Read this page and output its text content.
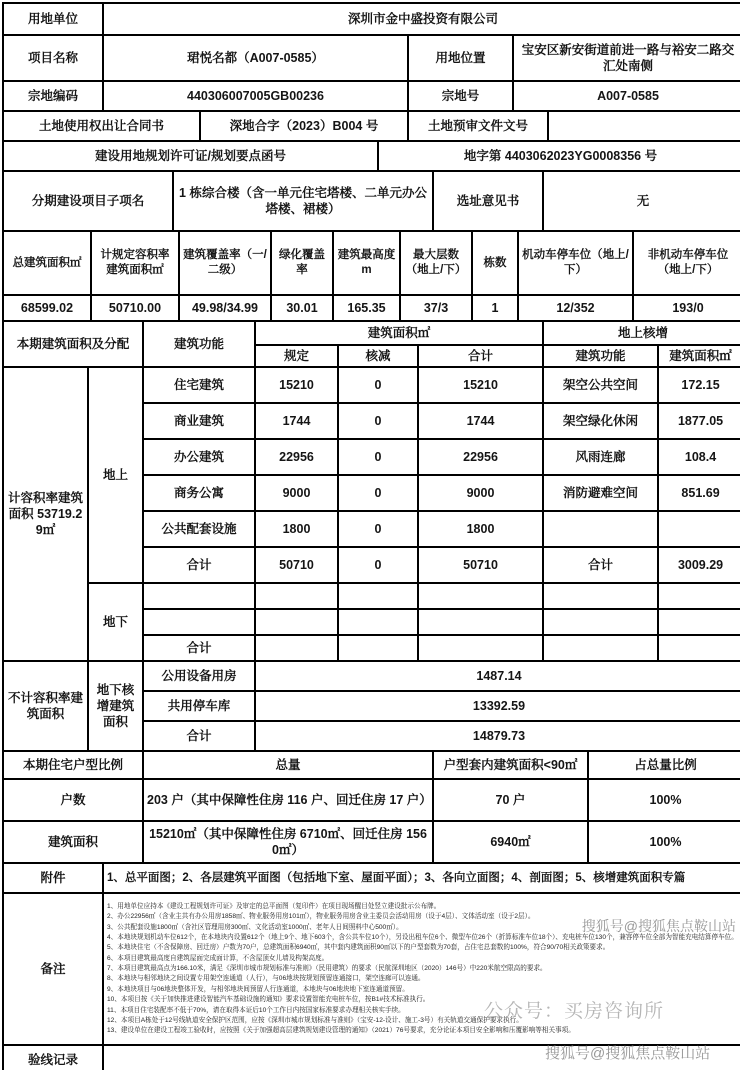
用地单位	深圳市金中盛投资有限公司
项目名称	珺悦名都（A007-0585）	用地位置	宝安区新安街道前进一路与裕安二路交汇处南侧
宗地编码	440306007005GB00236	宗地号	A007-0585
土地使用权出让合同书	深地合字（2023）B004 号	土地预审文件文号	
建设用地规划许可证/规划要点函号	地字第 4403062023YG0008356 号
分期建设项目子项名	1 栋综合楼（含一单元住宅塔楼、二单元办公塔楼、裙楼）	选址意见书	无
总建筑面积㎡	计规定容积率建筑面积㎡	建筑覆盖率（一/二级）	绿化覆盖率	建筑最高度 m	最大层数（地上/下）	栋数	机动车停车位（地上/下）	非机动车停车位（地上/下）
68599.02	50710.00	49.98/34.99	30.01	165.35	37/3	1	12/352	193/0
本期建筑面积及分配		建筑功能	建筑面积㎡			地上核增	
			规定	核减	合计	建筑功能	建筑面积㎡
计容积率建筑面积 53719.29㎡	地上	住宅建筑	15210	0	15210	架空公共空间	172.15
		商业建筑	1744	0	1744	架空绿化休闲	1877.05
		办公建筑	22956	0	22956	风雨连廊	108.4
		商务公寓	9000	0	9000	消防避难空间	851.69
		公共配套设施	1800	0	1800		
		合计	50710	0	50710	合计	3009.29
	地下						

		合计					
不计容积率建筑面积	地下核增建筑面积	公用设备用房	1487.14
		共用停车库	13392.59
		合计	14879.73
本期住宅户型比例	总量	户型套内建筑面积<90㎡	占总量比例
户数	203 户（其中保障性住房 116 户、回迁住房 17 户）	70 户	100%
建筑面积	15210㎡（其中保障性住房 6710㎡、回迁住房 1560㎡）	6940㎡	100%
附件	1、总平面图；2、各层建筑平面图（包括地下室、屋面平面）；3、各向立面图；4、剖面图；5、核增建筑面积专篇
备注	
1、用地单位应持本《建设工程规划许可证》及审定的总平面图（复印件）在项目现场醒目处竖立建设批示公布牌。
2、办公22956㎡（含业主共有办公用房1858㎡、物业服务用房101㎡），物业服务用房含业主委员会活动用房（设于4层）、文体活动室（设于2层）。
3、公共配套设施1800㎡（含社区管理用房300㎡、文化活动室1000㎡、老年人日间照料中心500㎡）。
4、本地块规划机动车位612个，在本地块内设置612个（地上9个、地下603个，含公共车位10个），另设出租车位6个、微型车位26个（折算标准车位18个）、充电桩车位130个，兼容停车位全部为智能充电结算停车位。
5、本地块住宅（不含保障房、回迁房）户数为70户，总建筑面积6940㎡，其中套内建筑面积90㎡以下的户型套数为70套，占住宅总套数的100%，符合90/70相关政策要求。
6、本项目建筑最高度自建筑屋面完成面计算，不含屋顶女儿墙及构架高度。
7、本项目建筑最高点为166.10米，满足《深圳市城市规划标准与准则》（民用建筑）的要求（民航深圳地区（2020）146号）中220米航空限高的要求。
8、本地块与相邻地块之间设置专用架空连通道（人行），与06地块按规划预留连通接口，架空连廊可以连通。
9、本地块项目与06地块整体开发，与相邻地块间预留人行连通道，本地块与06地块地下室连通道预留。
10、本项目按《关于加快推进建设智能汽车基础设施的通知》要求设置智能充电桩车位，按B1#技术标准执行。
11、本项目住宅装配率不低于70%，请在取得本证后10个工作日内按国家标准要求办理相关核实手续。
12、本项目A栋处于12号线轨道安全保护区范围，应按《深圳市城市规划标准与准则》（宝安-12-设计、施工-3号）有关轨道交通保护要求执行。
13、建设单位在建设工程竣工验收时，应按照《关于加强超高层建筑规划建设管理的通知》（2021）76号要求，充分论证本项目安全影响和压覆影响等相关事项。
验线记录	
搜狐号@搜狐焦点鞍山站
公众号：买房咨询所
搜狐号@搜狐焦点鞍山站
